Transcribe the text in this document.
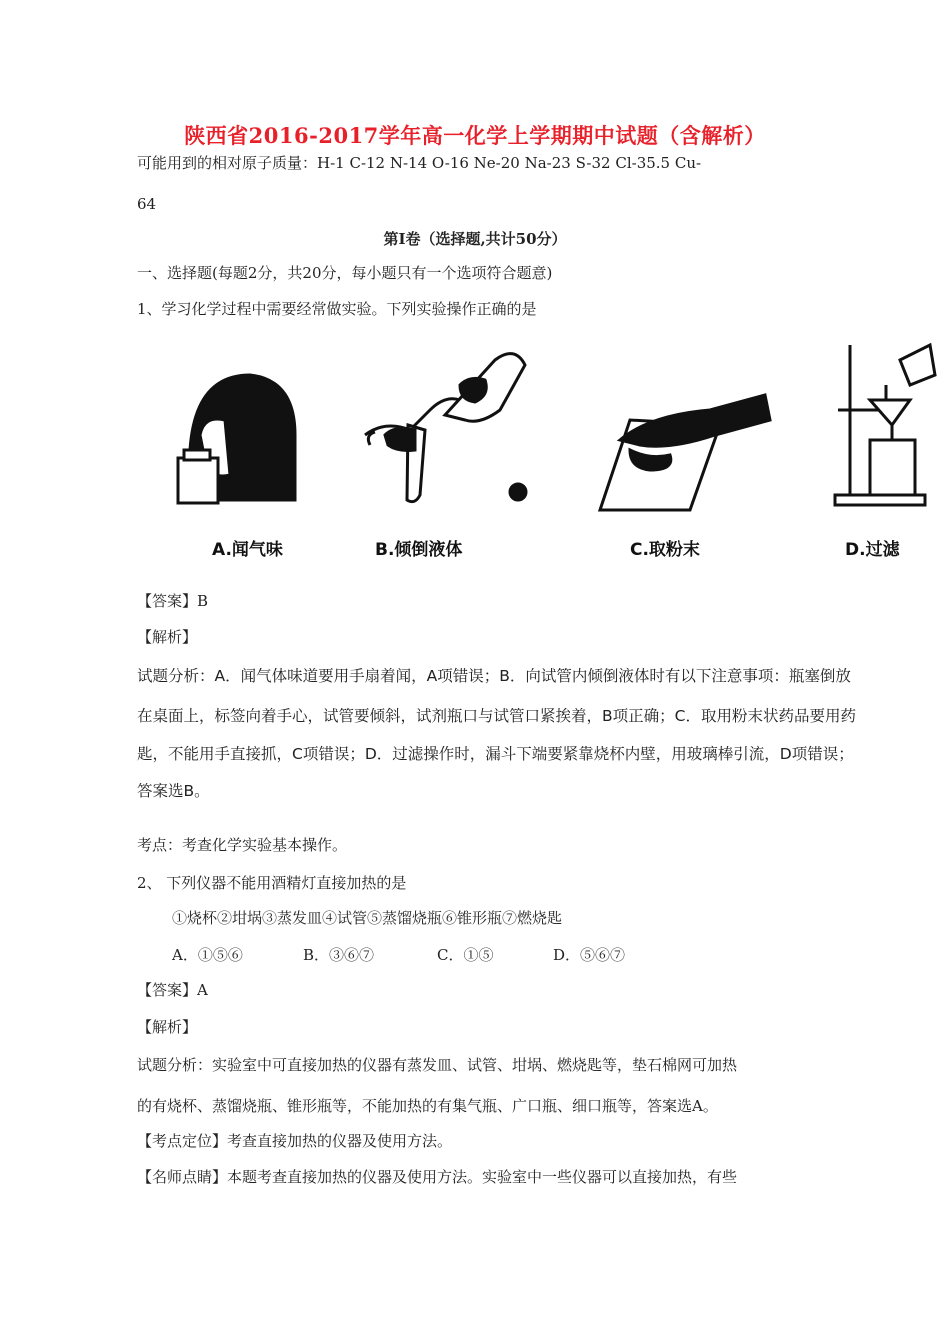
陕西省2016-2017学年高一化学上学期期中试题（含解析）
可能用到的相对原子质量：H-1 C-12 N-14 O-16 Ne-20 Na-23 S-32 Cl-35.5 Cu-
64
第Ⅰ卷（选择题,共计50分）
一、选择题(每题2分，共20分，每小题只有一个选项符合题意)
1、学习化学过程中需要经常做实验。下列实验操作正确的是
A.闻气味	B.倾倒液体	C.取粉末	D.过滤
【答案】B
【解析】
试题分析：A．闻气体味道要用手扇着闻，A项错误；B．向试管内倾倒液体时有以下注意事项：瓶塞倒放
在桌面上，标签向着手心，试管要倾斜，试剂瓶口与试管口紧挨着，B项正确；C．取用粉末状药品要用药
匙，不能用手直接抓，C项错误；D．过滤操作时，漏斗下端要紧靠烧杯内壁，用玻璃棒引流，D项错误；
答案选B。
考点：考查化学实验基本操作。
2、 下列仪器不能用酒精灯直接加热的是
①烧杯②坩埚③蒸发皿④试管⑤蒸馏烧瓶⑥锥形瓶⑦燃烧匙
A．①⑤⑥	B．③⑥⑦	C．①⑤	D．⑤⑥⑦
【答案】A
【解析】
试题分析：实验室中可直接加热的仪器有蒸发皿、试管、坩埚、燃烧匙等，垫石棉网可加热
的有烧杯、蒸馏烧瓶、锥形瓶等，不能加热的有集气瓶、广口瓶、细口瓶等，答案选A。
【考点定位】考查直接加热的仪器及使用方法。
【名师点睛】本题考查直接加热的仪器及使用方法。实验室中一些仪器可以直接加热，有些
